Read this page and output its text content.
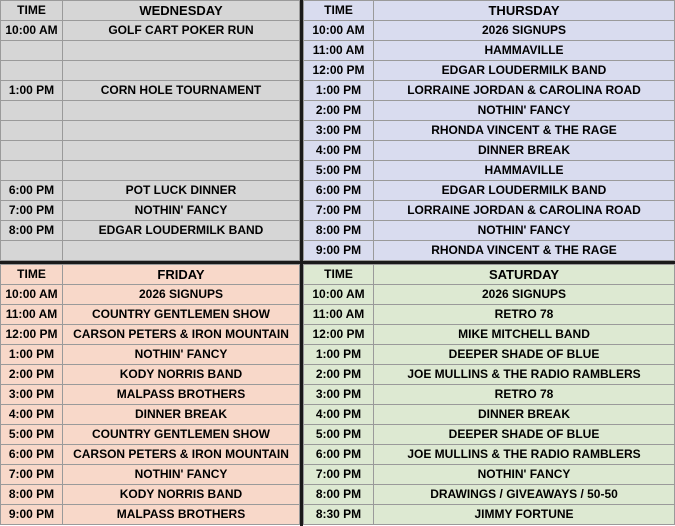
TIME	WEDNESDAY
10:00 AM	GOLF CART POKER RUN

1:00 PM	CORN HOLE TOURNAMENT

6:00 PM	POT LUCK DINNER
7:00 PM	NOTHIN' FANCY
8:00 PM	EDGAR LOUDERMILK BAND

TIME	THURSDAY
10:00 AM	2026 SIGNUPS
11:00 AM	HAMMAVILLE
12:00 PM	EDGAR LOUDERMILK BAND
1:00 PM	LORRAINE JORDAN & CAROLINA ROAD
2:00 PM	NOTHIN' FANCY
3:00 PM	RHONDA VINCENT & THE RAGE
4:00 PM	DINNER BREAK
5:00 PM	HAMMAVILLE
6:00 PM	EDGAR LOUDERMILK BAND
7:00 PM	LORRAINE JORDAN & CAROLINA ROAD
8:00 PM	NOTHIN' FANCY
9:00 PM	RHONDA VINCENT & THE RAGE
TIME	FRIDAY
10:00 AM	2026 SIGNUPS
11:00 AM	COUNTRY GENTLEMEN SHOW
12:00 PM	CARSON PETERS & IRON MOUNTAIN
1:00 PM	NOTHIN' FANCY
2:00 PM	KODY NORRIS BAND
3:00 PM	MALPASS BROTHERS
4:00 PM	DINNER BREAK
5:00 PM	COUNTRY GENTLEMEN SHOW
6:00 PM	CARSON PETERS & IRON MOUNTAIN
7:00 PM	NOTHIN' FANCY
8:00 PM	KODY NORRIS BAND
9:00 PM	MALPASS BROTHERS
TIME	SATURDAY
10:00 AM	2026 SIGNUPS
11:00 AM	RETRO 78
12:00 PM	MIKE MITCHELL BAND
1:00 PM	DEEPER SHADE OF BLUE
2:00 PM	JOE MULLINS & THE RADIO RAMBLERS
3:00 PM	RETRO 78
4:00 PM	DINNER BREAK
5:00 PM	DEEPER SHADE OF BLUE
6:00 PM	JOE MULLINS & THE RADIO RAMBLERS
7:00 PM	NOTHIN' FANCY
8:00 PM	DRAWINGS / GIVEAWAYS / 50-50
8:30 PM	JIMMY FORTUNE
